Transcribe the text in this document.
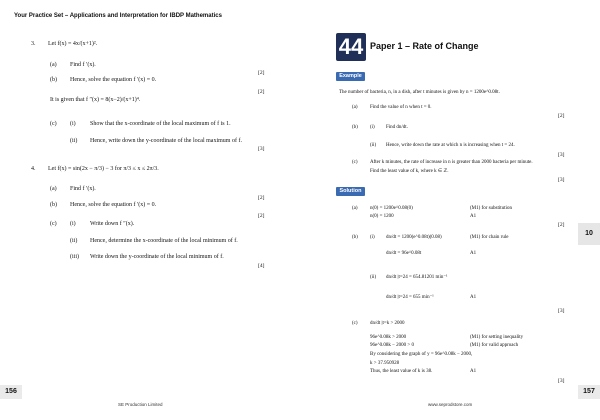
Your Practice Set – Applications and Interpretation for IBDP Mathematics
3. Let f(x) = 4x/(x+1)².
(a) Find f ′(x).
[2]
(b) Hence, solve the equation f ′(x) = 0.
[2]
It is given that f ″(x) = 8(x−2)/(x+1)⁴.
(c) (i) Show that the x-coordinate of the local maximum of f is 1.
(ii) Hence, write down the y-coordinate of the local maximum of f.
[3]
4. Let f(x) = sin(2x − π/3) − 3 for π/3 ≤ x ≤ 2π/3.
(a) Find f ′(x).
[2]
(b) Hence, solve the equation f ′(x) = 0.
[2]
(c) (i) Write down f ″(x).
(ii) Hence, determine the x-coordinate of the local minimum of f.
(iii) Write down the y-coordinate of the local minimum of f.
[4]
156
SE Production Limited
44 Paper 1 – Rate of Change
Example
The number of bacteria, n, in a dish, after t minutes is given by n = 1200e^0.08t.
(a) Find the value of n when t = 0.
[2]
(b) (i) Find dn/dt.
(ii) Hence, write down the rate at which n is increasing when t = 24.
[3]
(c) After k minutes, the rate of increase in n is greater than 2000 bacteria per minute.
Find the least value of k, where k ∈ ℤ.
[3]
Solution
(a) n(0) = 1200e^0.08(0)	(M1) for substitution
n(0) = 1200	A1
[2]
(b) (i) dn/dt = 1200(e^0.08t)(0.08)	(M1) for chain rule
dn/dt = 96e^0.08t	A1
(ii) dn/dt |t=24 = 654.81201 min⁻¹
dn/dt |t=24 = 655 min⁻¹	A1
[3]
(c) dn/dt |t=k > 2000
96e^0.08k > 2000	(M1) for setting inequality
96e^0.08k − 2000 > 0	(M1) for valid approach
By considering the graph of y = 96e^0.08k − 2000,
k > 37.950928
Thus, the least value of k is 38.	A1
[3]
10
157
www.seprodstore.com
